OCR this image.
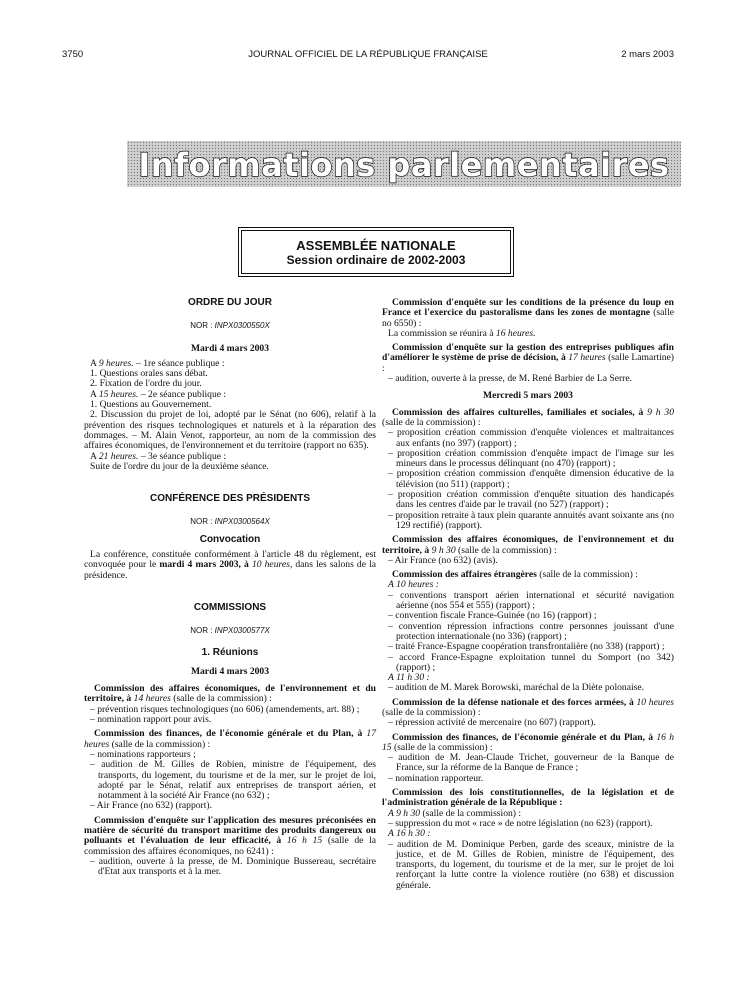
3750	JOURNAL OFFICIEL DE LA RÉPUBLIQUE FRANÇAISE	2 mars 2003
Informations parlementaires
ASSEMBLÉE NATIONALE
Session ordinaire de 2002-2003

ORDRE DU JOUR

NOR : INPX0300550X

Mardi 4 mars 2003

A 9 heures. – 1re séance publique :

1. Questions orales sans débat.

2. Fixation de l'ordre du jour.

A 15 heures. – 2e séance publique :

1. Questions au Gouvernement.

2. Discussion du projet de loi, adopté par le Sénat (no 606), relatif à la prévention des risques technologiques et naturels et à la réparation des dommages. – M. Alain Venot, rapporteur, au nom de la commission des affaires économiques, de l'environnement et du territoire (rapport no 635).

A 21 heures. – 3e séance publique :

Suite de l'ordre du jour de la deuxième séance.

CONFÉRENCE DES PRÉSIDENTS

NOR : INPX0300564X

Convocation

La conférence, constituée conformément à l'article 48 du règlement, est convoquée pour le mardi 4 mars 2003, à 10 heures, dans les salons de la présidence.

COMMISSIONS

NOR : INPX0300577X

1. Réunions

Mardi 4 mars 2003

Commission des affaires économiques, de l'environnement et du territoire, à 14 heures (salle de la commission) :

– prévention risques technologiques (no 606) (amendements, art. 88) ;

– nomination rapport pour avis.

Commission des finances, de l'économie générale et du Plan, à 17 heures (salle de la commission) :

– nominations rapporteurs ;

– audition de M. Gilles de Robien, ministre de l'équipement, des transports, du logement, du tourisme et de la mer, sur le projet de loi, adopté par le Sénat, relatif aux entreprises de transport aérien, et notamment à la société Air France (no 632) ;

– Air France (no 632) (rapport).

Commission d'enquête sur l'application des mesures préconisées en matière de sécurité du transport maritime des produits dangereux ou polluants et l'évaluation de leur efficacité, à 16 h 15 (salle de la commission des affaires économiques, no 6241) :

– audition, ouverte à la presse, de M. Dominique Bussereau, secrétaire d'Etat aux transports et à la mer.

Commission d'enquête sur les conditions de la présence du loup en France et l'exercice du pastoralisme dans les zones de montagne (salle no 6550) :

La commission se réunira à 16 heures.

Commission d'enquête sur la gestion des entreprises publiques afin d'améliorer le système de prise de décision, à 17 heures (salle Lamartine) :

– audition, ouverte à la presse, de M. René Barbier de La Serre.

Mercredi 5 mars 2003

Commission des affaires culturelles, familiales et sociales, à 9 h 30 (salle de la commission) :

– proposition création commission d'enquête violences et maltraitances aux enfants (no 397) (rapport) ;

– proposition création commission d'enquête impact de l'image sur les mineurs dans le processus délinquant (no 470) (rapport) ;

– proposition création commission d'enquête dimension éducative de la télévision (no 511) (rapport) ;

– proposition création commission d'enquête situation des handicapés dans les centres d'aide par le travail (no 527) (rapport) ;

– proposition retraite à taux plein quarante annuités avant soixante ans (no 129 rectifié) (rapport).

Commission des affaires économiques, de l'environnement et du territoire, à 9 h 30 (salle de la commission) :

– Air France (no 632) (avis).

Commission des affaires étrangères (salle de la commission) :

A 10 heures :

– conventions transport aérien international et sécurité navigation aérienne (nos 554 et 555) (rapport) ;

– convention fiscale France-Guinée (no 16) (rapport) ;

– convention répression infractions contre personnes jouissant d'une protection internationale (no 336) (rapport) ;

– traité France-Espagne coopération transfrontalière (no 338) (rapport) ;

– accord France-Espagne exploitation tunnel du Somport (no 342) (rapport) ;

A 11 h 30 :

– audition de M. Marek Borowski, maréchal de la Diète polonaise.

Commission de la défense nationale et des forces armées, à 10 heures (salle de la commission) :

– répression activité de mercenaire (no 607) (rapport).

Commission des finances, de l'économie générale et du Plan, à 16 h 15 (salle de la commission) :

– audition de M. Jean-Claude Trichet, gouverneur de la Banque de France, sur la réforme de la Banque de France ;

– nomination rapporteur.

Commission des lois constitutionnelles, de la législation et de l'administration générale de la République :

A 9 h 30 (salle de la commission) :

– suppression du mot « race » de notre législation (no 623) (rapport).

A 16 h 30 :

– audition de M. Dominique Perben, garde des sceaux, ministre de la justice, et de M. Gilles de Robien, ministre de l'équipement, des transports, du logement, du tourisme et de la mer, sur le projet de loi renforçant la lutte contre la violence routière (no 638) et discussion générale.
